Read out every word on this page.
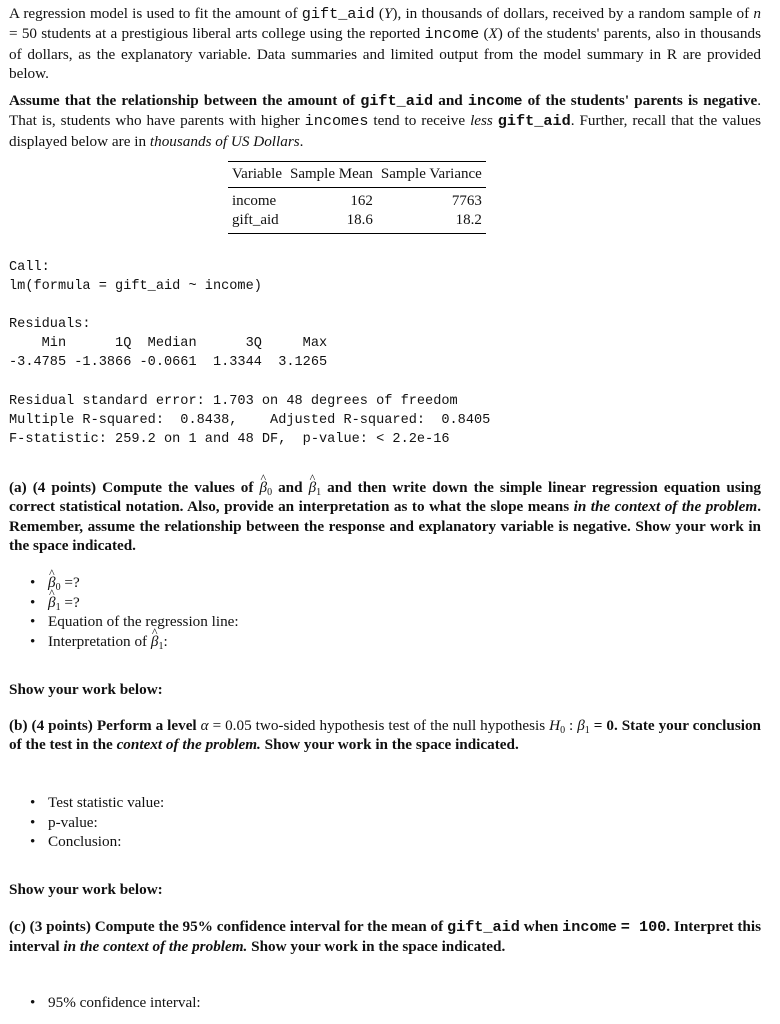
A regression model is used to fit the amount of gift_aid (Y), in thousands of dollars, received by a random sample of n = 50 students at a prestigious liberal arts college using the reported income (X) of the students' parents, also in thousands of dollars, as the explanatory variable. Data summaries and limited output from the model summary in R are provided below.

Assume that the relationship between the amount of gift_aid and income of the students' parents is negative. That is, students who have parents with higher incomes tend to receive less gift_aid. Further, recall that the values displayed below are in thousands of US Dollars.

Variable	Sample Mean	Sample Variance
income	162	7763
gift_aid	18.6	18.2
Call:
lm(formula = gift_aid ~ income)
Residuals:
Min      1Q  Median      3Q     Max
-3.4785 -1.3866 -0.0661  1.3344  3.1265
Residual standard error: 1.703 on 48 degrees of freedom
Multiple R-squared:  0.8438,    Adjusted R-squared:  0.8405
F-statistic: 259.2 on 1 and 48 DF,  p-value: < 2.2e-16

(a) (4 points) Compute the values of ^ $\beta_0$ and ^ $\beta_1$ and then write down the simple linear regression equation using correct statistical notation. Also, provide an interpretation as to what the slope means in the context of the problem. Remember, assume the relationship between the response and explanatory variable is negative. Show your work in the space indicated.

• ^ $\beta_0$ =?
• ^ $\beta_1$ =?
• Equation of the regression line:
• Interpretation of ^ $\beta_1$:

Show your work below:

(b) (4 points) Perform a level α = 0.05 two-sided hypothesis test of the null hypothesis $H_0$ : $\beta_1 = 0$. State your conclusion of the test in the context of the problem. Show your work in the space indicated.

• Test statistic value:
• p-value:
• Conclusion:

Show your work below:

(c) (3 points) Compute the 95% confidence interval for the mean of gift_aid when income = 100. Interpret this interval in the context of the problem. Show your work in the space indicated.

• 95% confidence interval:
